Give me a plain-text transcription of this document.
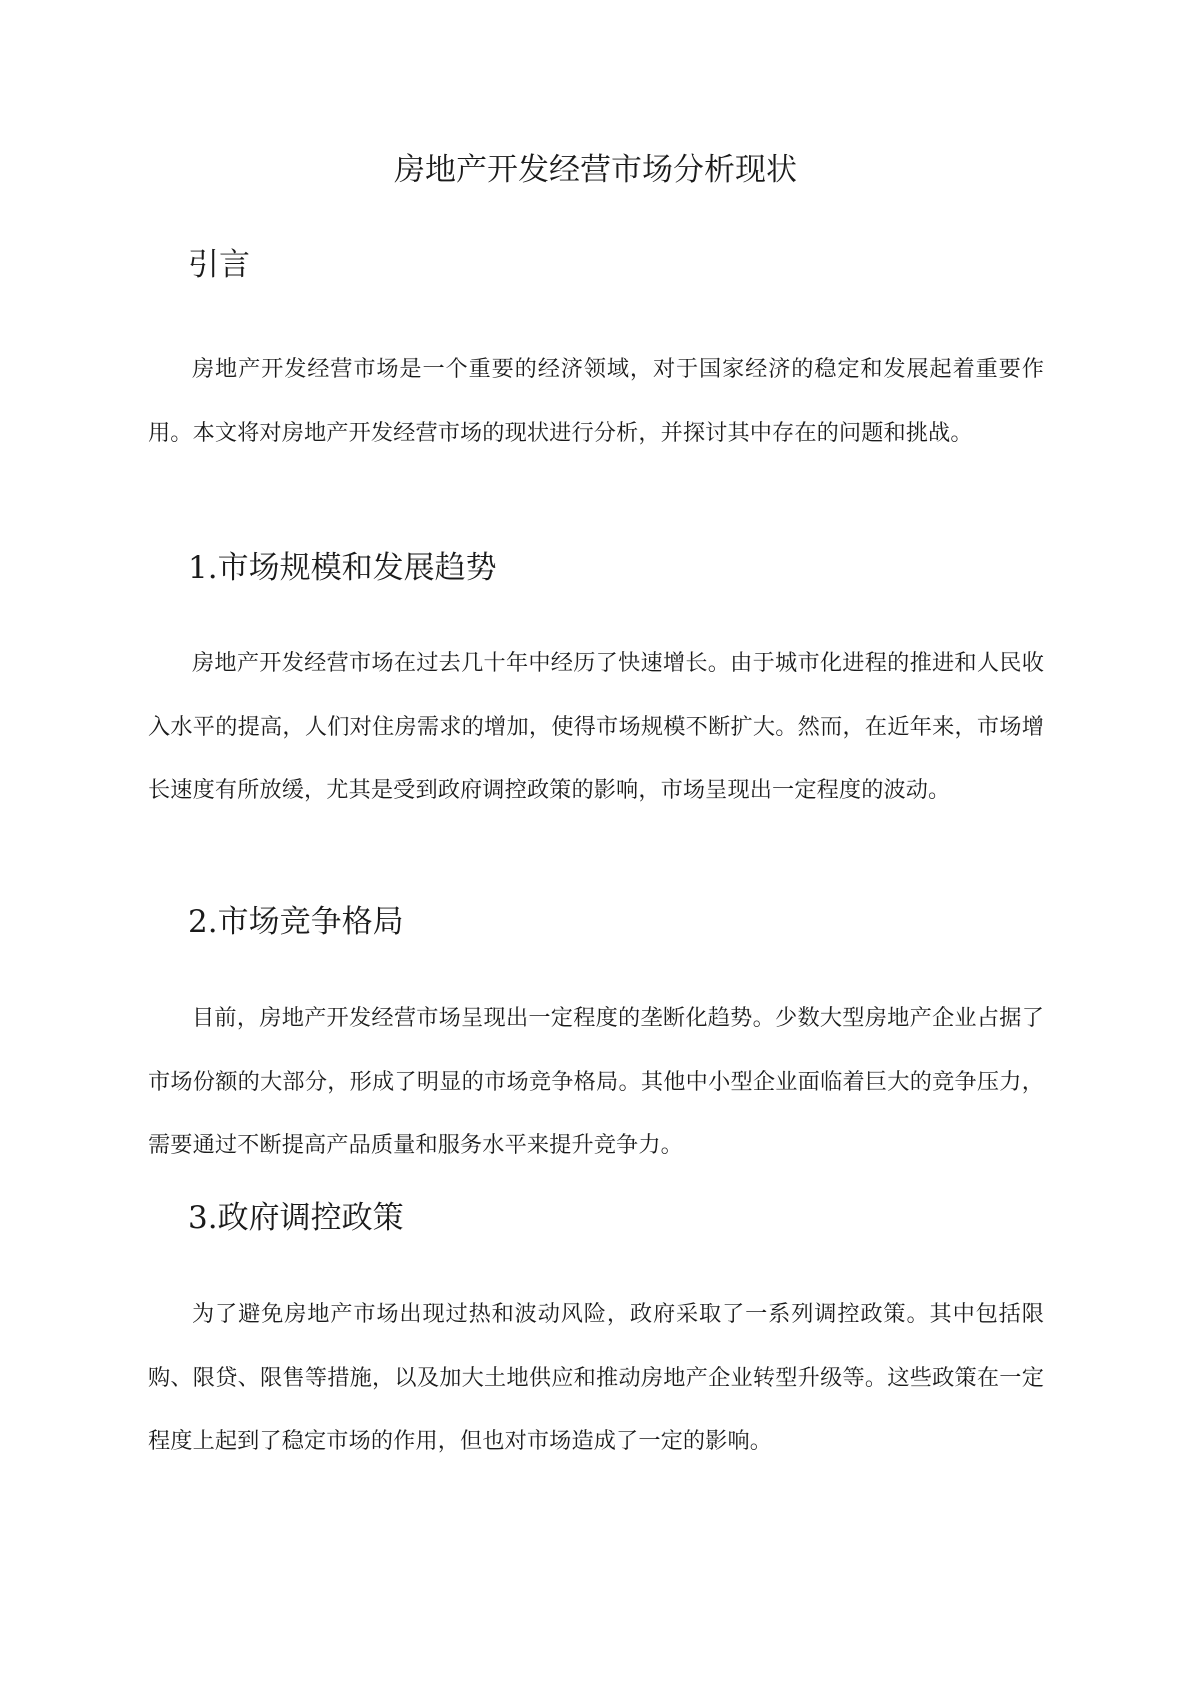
房地产开发经营市场分析现状
引言

房地产开发经营市场是一个重要的经济领域，对于国家经济的稳定和发展起着重要作用。本文将对房地产开发经营市场的现状进行分析，并探讨其中存在的问题和挑战。

1.市场规模和发展趋势

房地产开发经营市场在过去几十年中经历了快速增长。由于城市化进程的推进和人民收入水平的提高，人们对住房需求的增加，使得市场规模不断扩大。然而，在近年来，市场增长速度有所放缓，尤其是受到政府调控政策的影响，市场呈现出一定程度的波动。

2.市场竞争格局

目前，房地产开发经营市场呈现出一定程度的垄断化趋势。少数大型房地产企业占据了市场份额的大部分，形成了明显的市场竞争格局。其他中小型企业面临着巨大的竞争压力，需要通过不断提高产品质量和服务水平来提升竞争力。

3.政府调控政策

为了避免房地产市场出现过热和波动风险，政府采取了一系列调控政策。其中包括限购、限贷、限售等措施，以及加大土地供应和推动房地产企业转型升级等。这些政策在一定程度上起到了稳定市场的作用，但也对市场造成了一定的影响。
